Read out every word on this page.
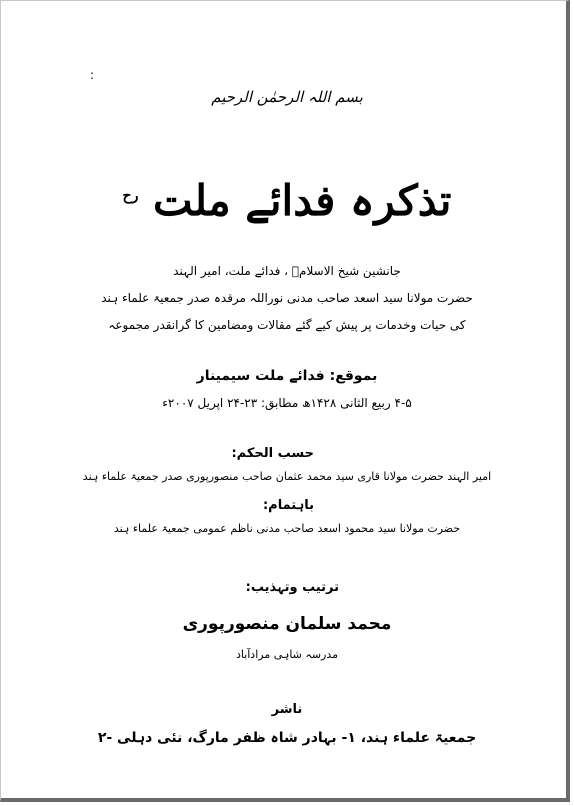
:
بسم اللہ الرحمٰن الرحیم
تذکرہ فدائے ملت $^{رح}$
جانشین شیخ الاسلامؒ ، فدائے ملت، امیر الہند
حضرت مولانا سید اسعد صاحب مدنی نوراللہ مرقدہ صدر جمعیۃ علماء ہند
کی حیات وخدمات پر پیش کیے گئے مقالات ومضامین کا گرانقدر مجموعہ
بموقع: فدائے ملت سیمینار
۴-۵ ربیع الثانی ۱۴۲۸ھ مطابق: ۲۳-۲۴ اپریل ۲۰۰۷ء
حسب الحکم:
امیر الہند حضرت مولانا قاری سید محمد عثمان صاحب منصورپوری صدر جمعیۃ علماء ہند
باہتمام:
حضرت مولانا سید محمود اسعد صاحب مدنی ناظم عمومی جمعیۃ علماء ہند
ترتیب وتہذیب:
محمد سلمان منصورپوری
مدرسہ شاہی مرادآباد
ناشر
جمعیۃ علماء ہند، ۱- بہادر شاہ ظفر مارگ، نئی دہلی -۲
